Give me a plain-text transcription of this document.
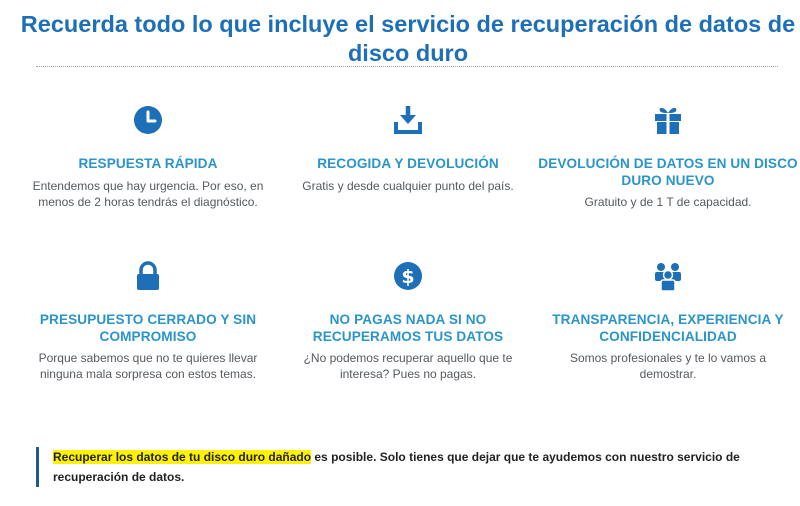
Recuerda todo lo que incluye el servicio de recuperación de datos de disco duro
RESPUESTA RÁPIDA
Entendemos que hay urgencia. Por eso, en menos de 2 horas tendrás el diagnóstico.
RECOGIDA Y DEVOLUCIÓN
Gratis y desde cualquier punto del país.
DEVOLUCIÓN DE DATOS EN UN DISCO DURO NUEVO
Gratuito y de 1 T de capacidad.
PRESUPUESTO CERRADO Y SIN COMPROMISO
Porque sabemos que no te quieres llevar ninguna mala sorpresa con estos temas.
$
NO PAGAS NADA SI NO RECUPERAMOS TUS DATOS
¿No podemos recuperar aquello que te interesa? Pues no pagas.
TRANSPARENCIA, EXPERIENCIA Y CONFIDENCIALIDAD
Somos profesionales y te lo vamos a demostrar.
Recuperar los datos de tu disco duro dañado es posible. Solo tienes que dejar que te ayudemos con nuestro servicio de recuperación de datos.
